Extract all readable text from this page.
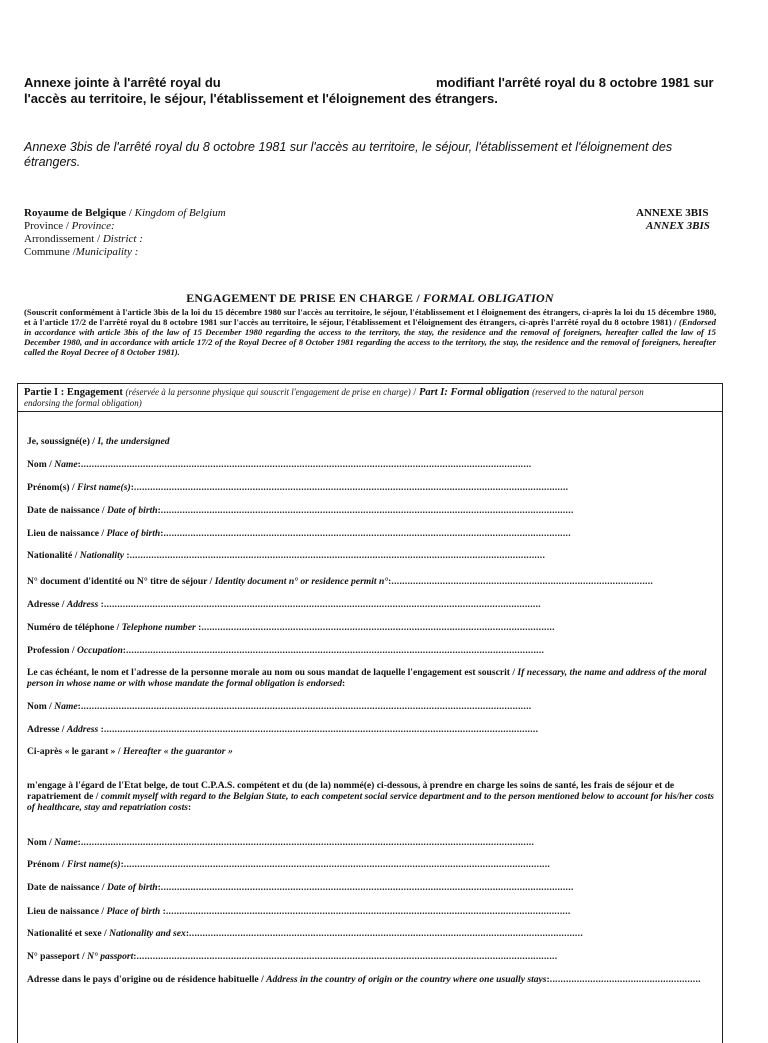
Annexe jointe à l'arrêté royal du	modifiant l'arrêté royal du 8 octobre 1981 sur
l'accès au territoire, le séjour, l'établissement et l'éloignement des étrangers.
Annexe 3bis de l'arrêté royal du 8 octobre 1981 sur l'accès au territoire, le séjour, l'établissement et l'éloignement des
étrangers.
Royaume de Belgique / Kingdom of Belgium
Province / Province:
Arrondissement / District :
Commune /Municipality :
ANNEXE 3BIS
ANNEX 3BIS
ENGAGEMENT DE PRISE EN CHARGE / FORMAL OBLIGATION
(Souscrit conformément à l'article 3bis de la loi du 15 décembre 1980 sur l'accès au territoire, le séjour, l'établissement et l éloignement des étrangers, ci-après la loi du 15 décembre 1980, et à l'article 17/2 de l'arrêté royal du 8 octobre 1981 sur l'accès au territoire, le séjour, l'établissement et l'éloignement des étrangers, ci-après l'arrêté royal du 8 octobre 1981) / (Endorsed in accordance with article 3bis of the law of 15 December 1980 regarding the access to the territory, the stay, the residence and the removal of foreigners, hereafter called the law of 15 December 1980, and in accordance with article 17/2 of the Royal Decree of 8 October 1981 regarding the access to the territory, the stay, the residence and the removal of foreigners, hereafter called the Royal Decree of 8 October 1981).
Partie I : Engagement (réservée à la personne physique qui souscrit l'engagement de prise en charge) / Part I: Formal obligation (reserved to the natural person
endorsing the formal obligation)
Je, soussigné(e) / I, the undersigned
Nom / Name:.......................................................................................................................................................................
Prénom(s) / First name(s):.................................................................................................................................................................
Date de naissance / Date of birth:.........................................................................................................................................................
Lieu de naissance / Place of birth:.......................................................................................................................................................
Nationalité / Nationality :..........................................................................................................................................................
N° document d'identité ou N° titre de séjour / Identity document n° or residence permit n°:.................................................................................................
Adresse / Address :..................................................................................................................................................................
Numéro de téléphone / Telephone number :...................................................................................................................................
Profession / Occupation:...........................................................................................................................................................
Le cas échéant, le nom et l'adresse de la personne morale au nom ou sous mandat de laquelle l'engagement est souscrit / If necessary, the name and address of the moral person in whose name or with whose mandate the formal obligation is endorsed:
Nom / Name:.......................................................................................................................................................................
Adresse / Address :.................................................................................................................................................................
Ci-après « le garant » / Hereafter « the guarantor »
m'engage à l'égard de l'Etat belge, de tout C.P.A.S. compétent et du (de la) nommé(e) ci-dessous, à prendre en charge les soins de santé, les frais de séjour et de rapatriement de / commit myself with regard to the Belgian State, to each competent social service department and to the person mentioned below to account for his/her costs of healthcare, stay and repatriation costs:
Nom / Name:........................................................................................................................................................................
Prénom / First name(s):..............................................................................................................................................................
Date de naissance / Date of birth:.........................................................................................................................................................
Lieu de naissance / Place of birth :......................................................................................................................................................
Nationalité et sexe / Nationality and sex:..................................................................................................................................................
N° passeport / N° passport:............................................................................................................................................................
Adresse dans le pays d'origine ou de résidence habituelle / Address in the country of origin or the country where one usually stays:........................................................
